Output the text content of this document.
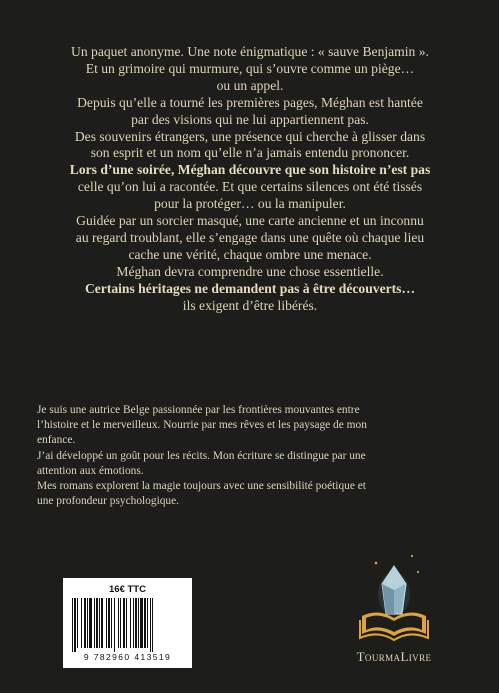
Un paquet anonyme. Une note énigmatique : « sauve Benjamin ».

Et un grimoire qui murmure, qui s’ouvre comme un piège…

ou un appel.

Depuis qu’elle a tourné les premières pages, Méghan est hantée

par des visions qui ne lui appartiennent pas.

Des souvenirs étrangers, une présence qui cherche à glisser dans

son esprit et un nom qu’elle n’a jamais entendu prononcer.

Lors d’une soirée, Méghan découvre que son histoire n’est pas

celle qu’on lui a racontée. Et que certains silences ont été tissés

pour la protéger… ou la manipuler.

Guidée par un sorcier masqué, une carte ancienne et un inconnu

au regard troublant, elle s’engage dans une quête où chaque lieu

cache une vérité, chaque ombre une menace.

Méghan devra comprendre une chose essentielle.

Certains héritages ne demandent pas à être découverts…

ils exigent d’être libérés.

Je suis une autrice Belge passionnée par les frontières mouvantes entre

l’histoire et le merveilleux. Nourrie par mes rêves et les paysage de mon

enfance.

J’ai développé un goût pour les récits. Mon écriture se distingue par une

attention aux émotions.

Mes romans explorent la magie toujours avec une sensibilité poétique et

une profondeur psychologique.

16€ TTC
9 782960 413519	TourmaLivre
